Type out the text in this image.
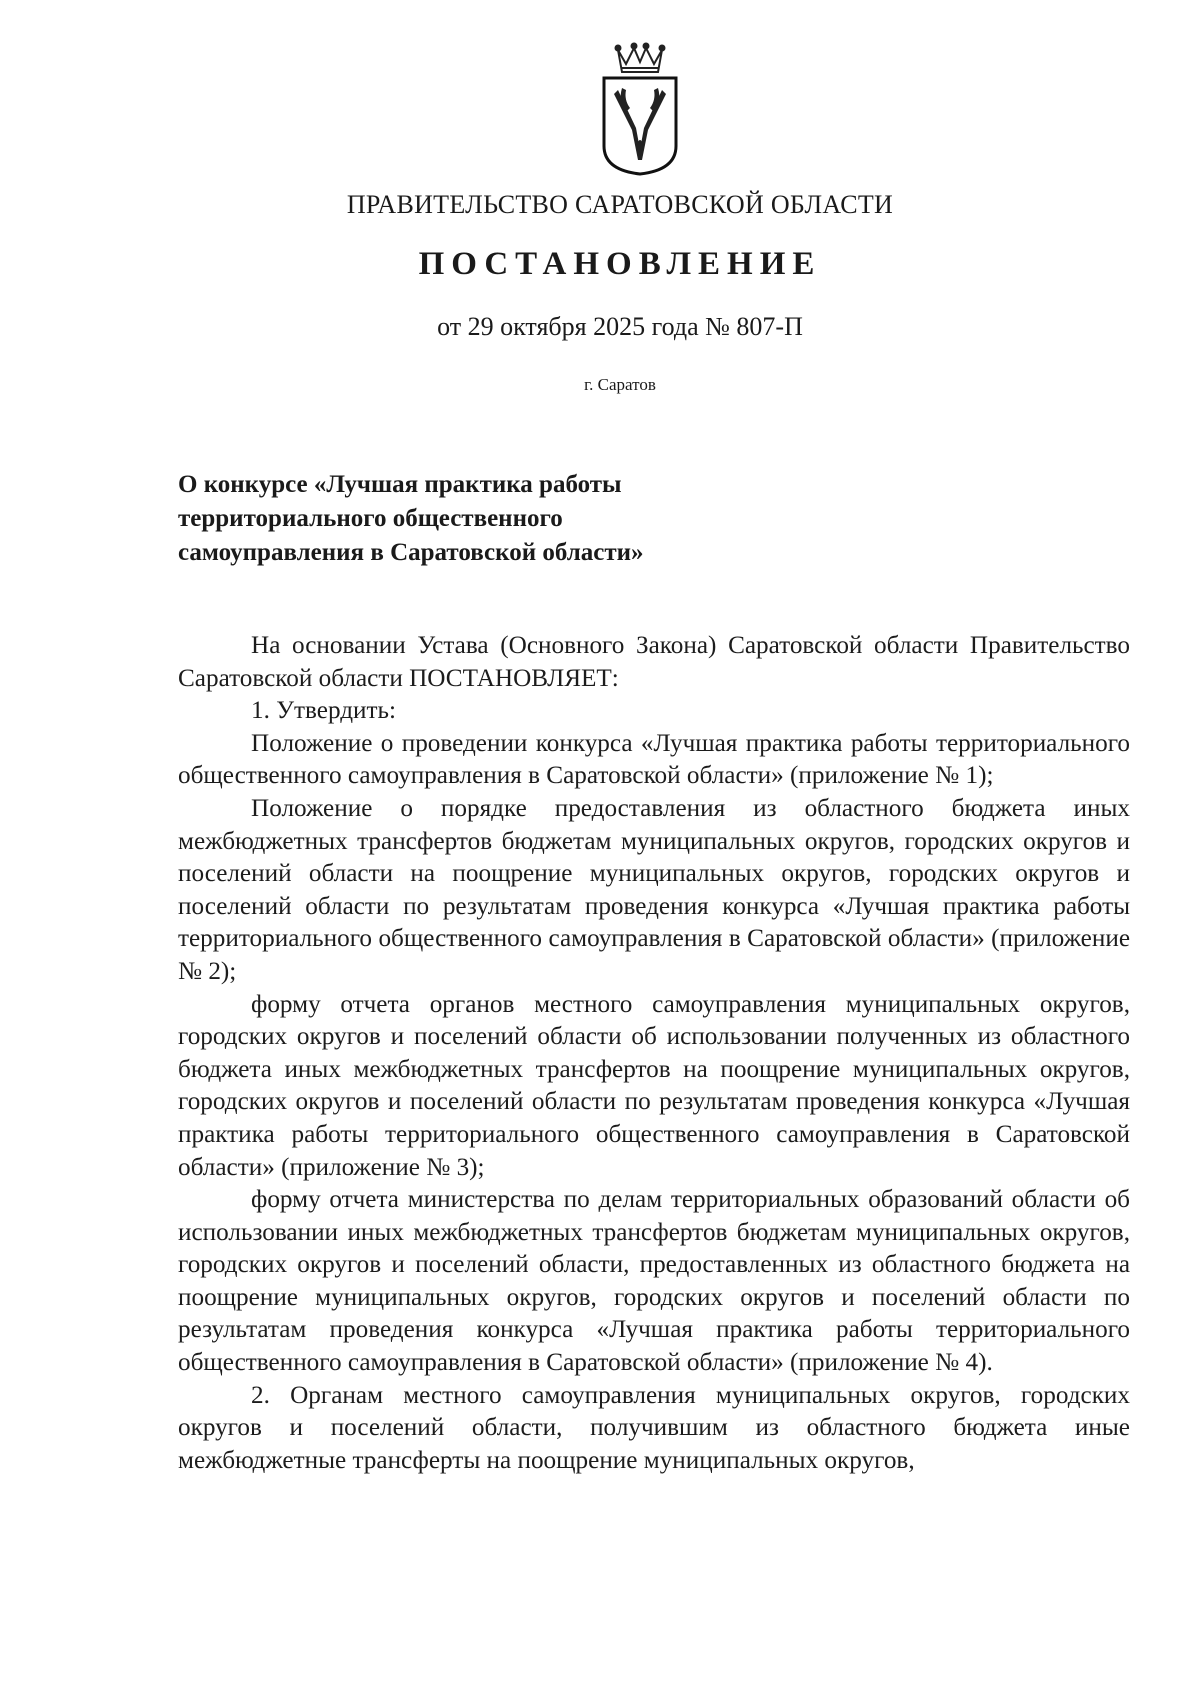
ПРАВИТЕЛЬСТВО САРАТОВСКОЙ ОБЛАСТИ
ПОСТАНОВЛЕНИЕ
от 29 октября 2025 года № 807-П
г. Саратов
О конкурсе «Лучшая практика работы
территориального общественного
самоуправления в Саратовской области»

На основании Устава (Основного Закона) Саратовской области Правительство Саратовской области ПОСТАНОВЛЯЕТ:

1. Утвердить:

Положение о проведении конкурса «Лучшая практика работы территориального общественного самоуправления в Саратовской области» (приложение № 1);

Положение о порядке предоставления из областного бюджета иных межбюджетных трансфертов бюджетам муниципальных округов, городских округов и поселений области на поощрение муниципальных округов, городских округов и поселений области по результатам проведения конкурса «Лучшая практика работы территориального общественного самоуправления в Саратовской области» (приложение № 2);

форму отчета органов местного самоуправления муниципальных округов, городских округов и поселений области об использовании полученных из областного бюджета иных межбюджетных трансфертов на поощрение муниципальных округов, городских округов и поселений области по результатам проведения конкурса «Лучшая практика работы территориального общественного самоуправления в Саратовской области» (приложение № 3);

форму отчета министерства по делам территориальных образований области об использовании иных межбюджетных трансфертов бюджетам муниципальных округов, городских округов и поселений области, предоставленных из областного бюджета на поощрение муниципальных округов, городских округов и поселений области по результатам проведения конкурса «Лучшая практика работы территориального общественного самоуправления в Саратовской области» (приложение № 4).

2. Органам местного самоуправления муниципальных округов, городских округов и поселений области, получившим из областного бюджета иные межбюджетные трансферты на поощрение муниципальных округов,
